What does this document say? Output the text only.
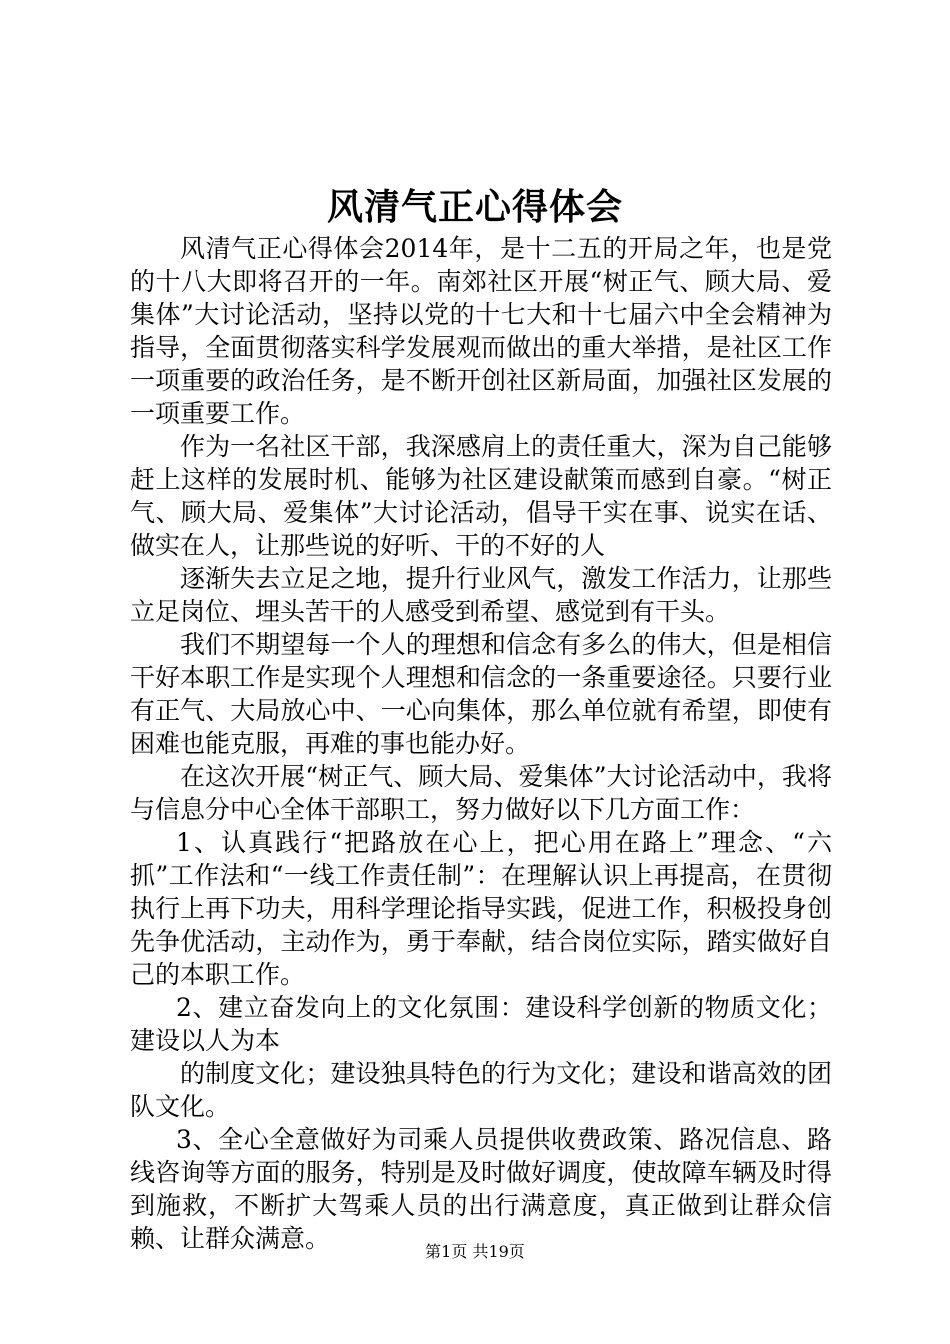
风清气正心得体会

风清气正心得体会2014年，是十二五的开局之年，也是党的十八大即将召开的一年。南郊社区开展“树正气、顾大局、爱集体”大讨论活动，坚持以党的十七大和十七届六中全会精神为指导，全面贯彻落实科学发展观而做出的重大举措，是社区工作一项重要的政治任务，是不断开创社区新局面，加强社区发展的一项重要工作。

作为一名社区干部，我深感肩上的责任重大，深为自己能够赶上这样的发展时机、能够为社区建设献策而感到自豪。“树正气、顾大局、爱集体”大讨论活动，倡导干实在事、说实在话、做实在人，让那些说的好听、干的不好的人

逐渐失去立足之地，提升行业风气，激发工作活力，让那些立足岗位、埋头苦干的人感受到希望、感觉到有干头。

我们不期望每一个人的理想和信念有多么的伟大，但是相信干好本职工作是实现个人理想和信念的一条重要途径。只要行业有正气、大局放心中、一心向集体，那么单位就有希望，即使有困难也能克服，再难的事也能办好。

在这次开展“树正气、顾大局、爱集体”大讨论活动中，我将与信息分中心全体干部职工，努力做好以下几方面工作：

1、认真践行“把路放在心上，把心用在路上”理念、“六抓”工作法和“一线工作责任制”：在理解认识上再提高，在贯彻执行上再下功夫，用科学理论指导实践，促进工作，积极投身创先争优活动，主动作为，勇于奉献，结合岗位实际，踏实做好自己的本职工作。

2、建立奋发向上的文化氛围：建设科学创新的物质文化；建设以人为本

的制度文化；建设独具特色的行为文化；建设和谐高效的团队文化。

3、全心全意做好为司乘人员提供收费政策、路况信息、路线咨询等方面的服务，特别是及时做好调度，使故障车辆及时得到施救，不断扩大驾乘人员的出行满意度，真正做到让群众信赖、让群众满意。	第1页 共19页
